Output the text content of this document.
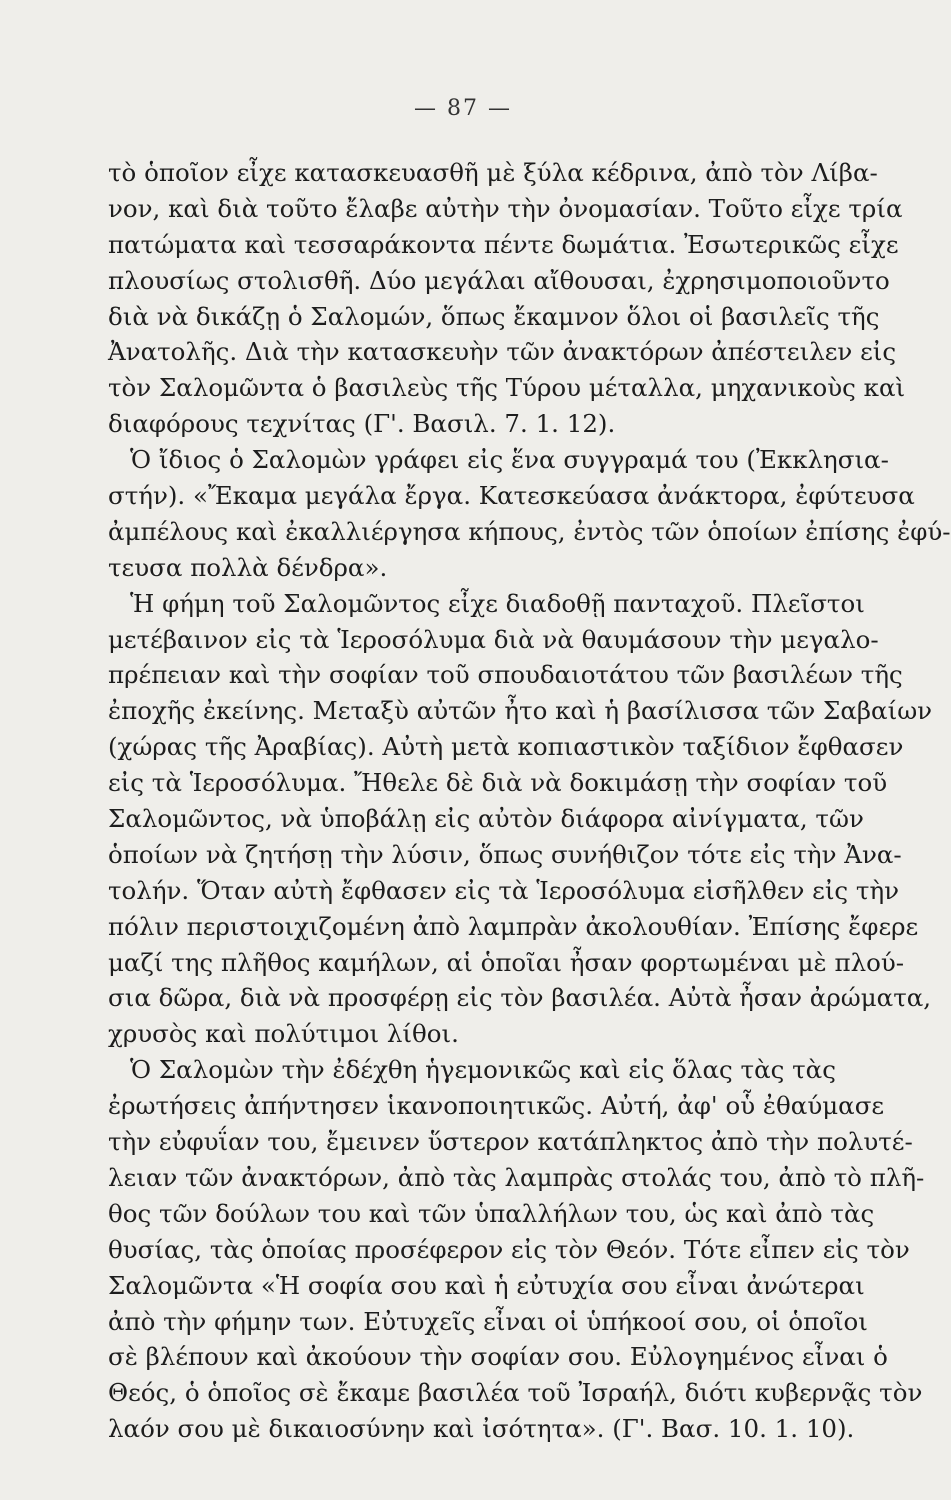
— 87 —
τὸ ὁποῖον εἶχε κατασκευασθῆ μὲ ξύλα κέδρινα, ἀπὸ τὸν Λίβα-
νον, καὶ διὰ τοῦτο ἔλαβε αὐτὴν τὴν ὀνομασίαν. Τοῦτο εἶχε τρία
πατώματα καὶ τεσσαράκοντα πέντε δωμάτια. Ἐσωτερικῶς εἶχε
πλουσίως στολισθῆ. Δύο μεγάλαι αἴθουσαι, ἐχρησιμοποιοῦντο
διὰ νὰ δικάζῃ ὁ Σαλομών, ὅπως ἔκαμνον ὅλοι οἱ βασιλεῖς τῆς
Ἀνατολῆς. Διὰ τὴν κατασκευὴν τῶν ἀνακτόρων ἀπέστειλεν εἰς
τὸν Σαλομῶντα ὁ βασιλεὺς τῆς Τύρου μέταλλα, μηχανικοὺς καὶ
διαφόρους τεχνίτας (Γ'. Βασιλ. 7. 1. 12).
Ὁ ἴδιος ὁ Σαλομὼν γράφει εἰς ἕνα συγγραμά του (Ἐκκλησια-
στήν). «Ἔκαμα μεγάλα ἔργα. Κατεσκεύασα ἀνάκτορα, ἐφύτευσα
ἀμπέλους καὶ ἐκαλλιέργησα κήπους, ἐντὸς τῶν ὁποίων ἐπίσης ἐφύ-
τευσα πολλὰ δένδρα».
Ἡ φήμη τοῦ Σαλομῶντος εἶχε διαδοθῇ πανταχοῦ. Πλεῖστοι
μετέβαινον εἰς τὰ Ἱεροσόλυμα διὰ νὰ θαυμάσουν τὴν μεγαλο-
πρέπειαν καὶ τὴν σοφίαν τοῦ σπουδαιοτάτου τῶν βασιλέων τῆς
ἐποχῆς ἐκείνης. Μεταξὺ αὐτῶν ἦτο καὶ ἡ βασίλισσα τῶν Σαβαίων
(χώρας τῆς Ἀραβίας). Αὐτὴ μετὰ κοπιαστικὸν ταξίδιον ἔφθασεν
εἰς τὰ Ἱεροσόλυμα. Ἤθελε δὲ διὰ νὰ δοκιμάσῃ τὴν σοφίαν τοῦ
Σαλομῶντος, νὰ ὑποβάλῃ εἰς αὐτὸν διάφορα αἰνίγματα, τῶν
ὁποίων νὰ ζητήσῃ τὴν λύσιν, ὅπως συνήθιζον τότε εἰς τὴν Ἀνα-
τολήν. Ὅταν αὐτὴ ἔφθασεν εἰς τὰ Ἱεροσόλυμα εἰσῆλθεν εἰς τὴν
πόλιν περιστοιχιζομένη ἀπὸ λαμπρὰν ἀκολουθίαν. Ἐπίσης ἔφερε
μαζί της πλῆθος καμήλων, αἱ ὁποῖαι ἦσαν φορτωμέναι μὲ πλού-
σια δῶρα, διὰ νὰ προσφέρῃ εἰς τὸν βασιλέα. Αὐτὰ ἦσαν ἀρώματα,
χρυσὸς καὶ πολύτιμοι λίθοι.
Ὁ Σαλομὼν τὴν ἐδέχθη ἡγεμονικῶς καὶ εἰς ὅλας τὰς τὰς
ἐρωτήσεις ἀπήντησεν ἱκανοποιητικῶς. Αὐτή, ἀφ' οὗ ἐθαύμασε
τὴν εὐφυΐαν του, ἔμεινεν ὕστερον κατάπληκτος ἀπὸ τὴν πολυτέ-
λειαν τῶν ἀνακτόρων, ἀπὸ τὰς λαμπρὰς στολάς του, ἀπὸ τὸ πλῆ-
θος τῶν δούλων του καὶ τῶν ὑπαλλήλων του, ὡς καὶ ἀπὸ τὰς
θυσίας, τὰς ὁποίας προσέφερον εἰς τὸν Θεόν. Τότε εἶπεν εἰς τὸν
Σαλομῶντα «Ἡ σοφία σου καὶ ἡ εὐτυχία σου εἶναι ἀνώτεραι
ἀπὸ τὴν φήμην των. Εὐτυχεῖς εἶναι οἱ ὑπήκοοί σου, οἱ ὁποῖοι
σὲ βλέπουν καὶ ἀκούουν τὴν σοφίαν σου. Εὐλογημένος εἶναι ὁ
Θεός, ὁ ὁποῖος σὲ ἔκαμε βασιλέα τοῦ Ἰσραήλ, διότι κυβερνᾷς τὸν
λαόν σου μὲ δικαιοσύνην καὶ ἰσότητα». (Γ'. Βασ. 10. 1. 10).
